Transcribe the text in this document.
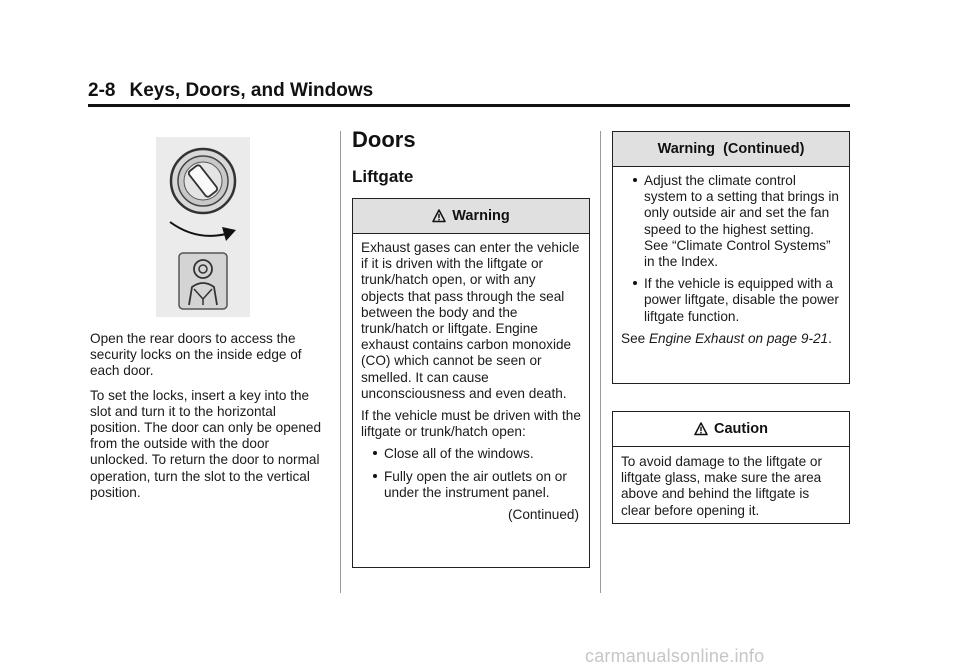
2-8 Keys, Doors, and Windows

Open the rear doors to access the security locks on the inside edge of each door.

To set the locks, insert a key into the slot and turn it to the horizontal position. The door can only be opened from the outside with the door unlocked. To return the door to normal operation, turn the slot to the vertical position.

Doors
Liftgate
Warning

Exhaust gases can enter the vehicle if it is driven with the liftgate or trunk/hatch open, or with any objects that pass through the seal between the body and the trunk/hatch or liftgate. Engine exhaust contains carbon monoxide (CO) which cannot be seen or smelled. It can cause unconsciousness and even death.

If the vehicle must be driven with the liftgate or trunk/hatch open:

Close all of the windows.
Fully open the air outlets on or under the instrument panel.
(Continued)
Warning  (Continued)
Adjust the climate control system to a setting that brings in only outside air and set the fan speed to the highest setting. See “Climate Control Systems” in the Index.
If the vehicle is equipped with a power liftgate, disable the power liftgate function.

See Engine Exhaust on page 9-21.

Caution

To avoid damage to the liftgate or liftgate glass, make sure the area above and behind the liftgate is clear before opening it.

carmanualsonline.info
